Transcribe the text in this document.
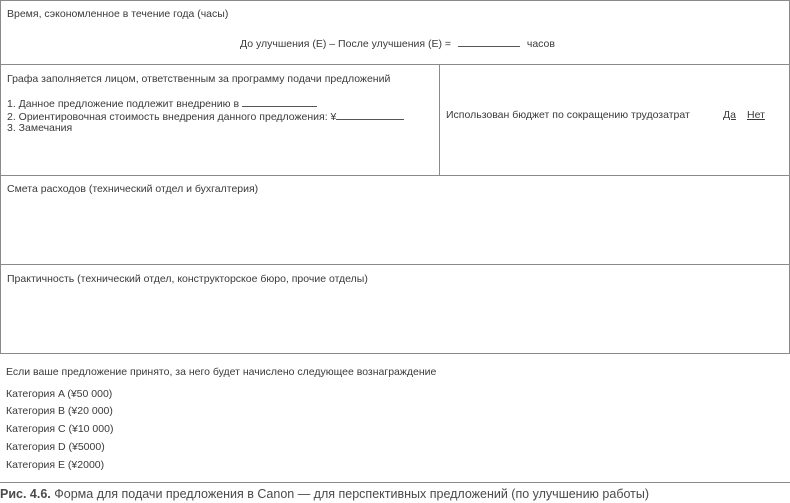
Время, сэкономленное в течение года (часы)
До улучшения (E) – После улучшения (E) =	часов
Графа заполняется лицом, ответственным за программу подачи предложений
1. Данное предложение подлежит внедрению в
2. Ориентировочная стоимость внедрения данного предложения: ¥
3. Замечания
Использован бюджет по сокращению трудозатрат	Да Нет
Смета расходов (технический отдел и бухгалтерия)
Практичность (технический отдел, конструкторское бюро, прочие отделы)
Если ваше предложение принято, за него будет начислено следующее вознаграждение
Категория A (¥50 000)
Категория B (¥20 000)
Категория C (¥10 000)
Категория D (¥5000)
Категория E (¥2000)
Рис. 4.6. Форма для подачи предложения в Canon — для перспективных предложений (по улучшению работы)
